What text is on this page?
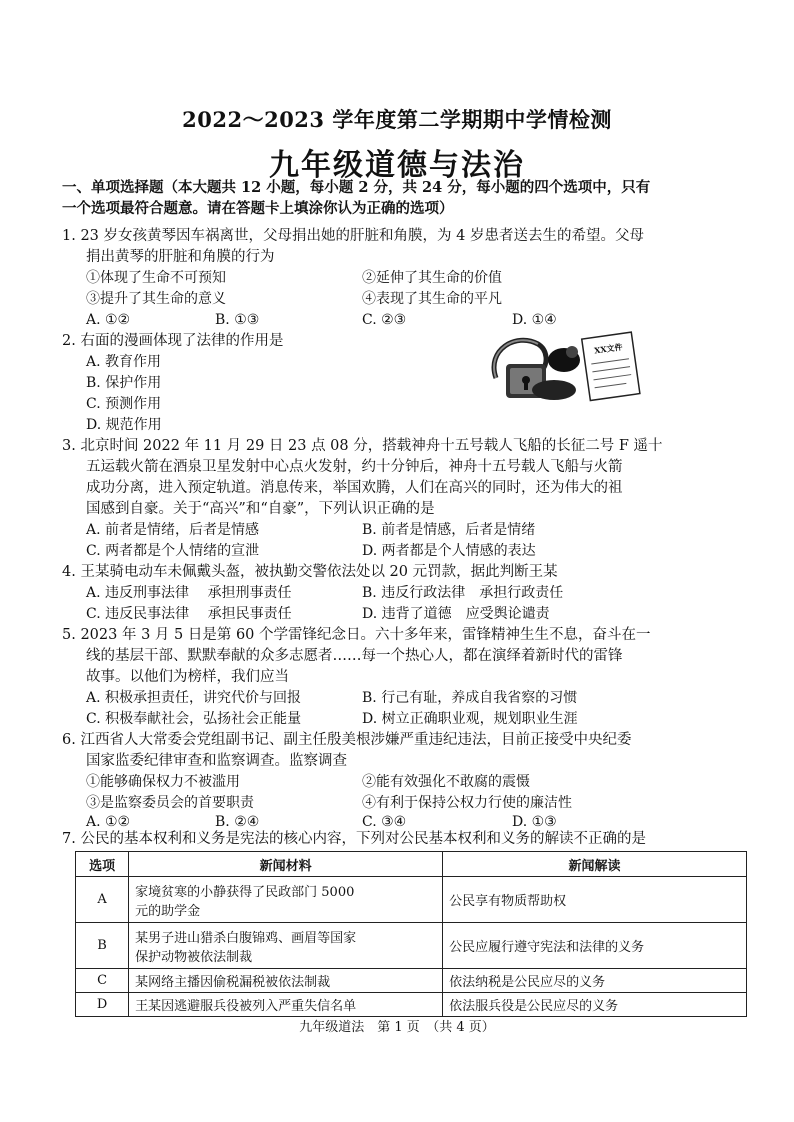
2022～2023 学年度第二学期期中学情检测
九年级道德与法治
一、单项选择题（本大题共 12 小题，每小题 2 分，共 24 分，每小题的四个选项中，只有
一个选项最符合题意。请在答题卡上填涂你认为正确的选项）
1. 23 岁女孩黄琴因车祸离世，父母捐出她的肝脏和角膜，为 4 岁患者送去生的希望。父母
捐出黄琴的肝脏和角膜的行为
①体现了生命不可预知	②延伸了其生命的价值
③提升了其生命的意义	④表现了其生命的平凡
A. ①②	B. ①③	C. ②③	D. ①④
2. 右面的漫画体现了法律的作用是
A. 教育作用
B. 保护作用
C. 预测作用
D. 规范作用
XX文件
3. 北京时间 2022 年 11 月 29 日 23 点 08 分，搭载神舟十五号载人飞船的长征二号 F 遥十
五运载火箭在酒泉卫星发射中心点火发射，约十分钟后，神舟十五号载人飞船与火箭
成功分离，进入预定轨道。消息传来，举国欢腾，人们在高兴的同时，还为伟大的祖
国感到自豪。关于“高兴”和“自豪”，下列认识正确的是
A. 前者是情绪，后者是情感	B. 前者是情感，后者是情绪
C. 两者都是个人情绪的宣泄	D. 两者都是个人情感的表达
4. 王某骑电动车未佩戴头盔，被执勤交警依法处以 20 元罚款，据此判断王某
A. 违反刑事法律　 承担刑事责任	B. 违反行政法律　承担行政责任
C. 违反民事法律　 承担民事责任	D. 违背了道德　应受舆论谴责
5. 2023 年 3 月 5 日是第 60 个学雷锋纪念日。六十多年来，雷锋精神生生不息，奋斗在一
线的基层干部、默默奉献的众多志愿者……每一个热心人，都在演绎着新时代的雷锋
故事。以他们为榜样，我们应当
A. 积极承担责任，讲究代价与回报	B. 行己有耻，养成自我省察的习惯
C. 积极奉献社会，弘扬社会正能量	D. 树立正确职业观，规划职业生涯
6. 江西省人大常委会党组副书记、副主任殷美根涉嫌严重违纪违法，目前正接受中央纪委
国家监委纪律审查和监察调查。监察调查
①能够确保权力不被滥用	②能有效强化不敢腐的震慑
③是监察委员会的首要职责	④有利于保持公权力行使的廉洁性
A. ①②	B. ②④	C. ③④	D. ①③
7. 公民的基本权利和义务是宪法的核心内容，下列对公民基本权利和义务的解读不正确的是
选项	新闻材料	新闻解读
A	家境贫寒的小静获得了民政部门 5000
元的助学金	公民享有物质帮助权
B	某男子进山猎杀白腹锦鸡、画眉等国家
保护动物被依法制裁	公民应履行遵守宪法和法律的义务
C	某网络主播因偷税漏税被依法制裁	依法纳税是公民应尽的义务
D	王某因逃避服兵役被列入严重失信名单	依法服兵役是公民应尽的义务
九年级道法　第 1 页　（共 4 页）
